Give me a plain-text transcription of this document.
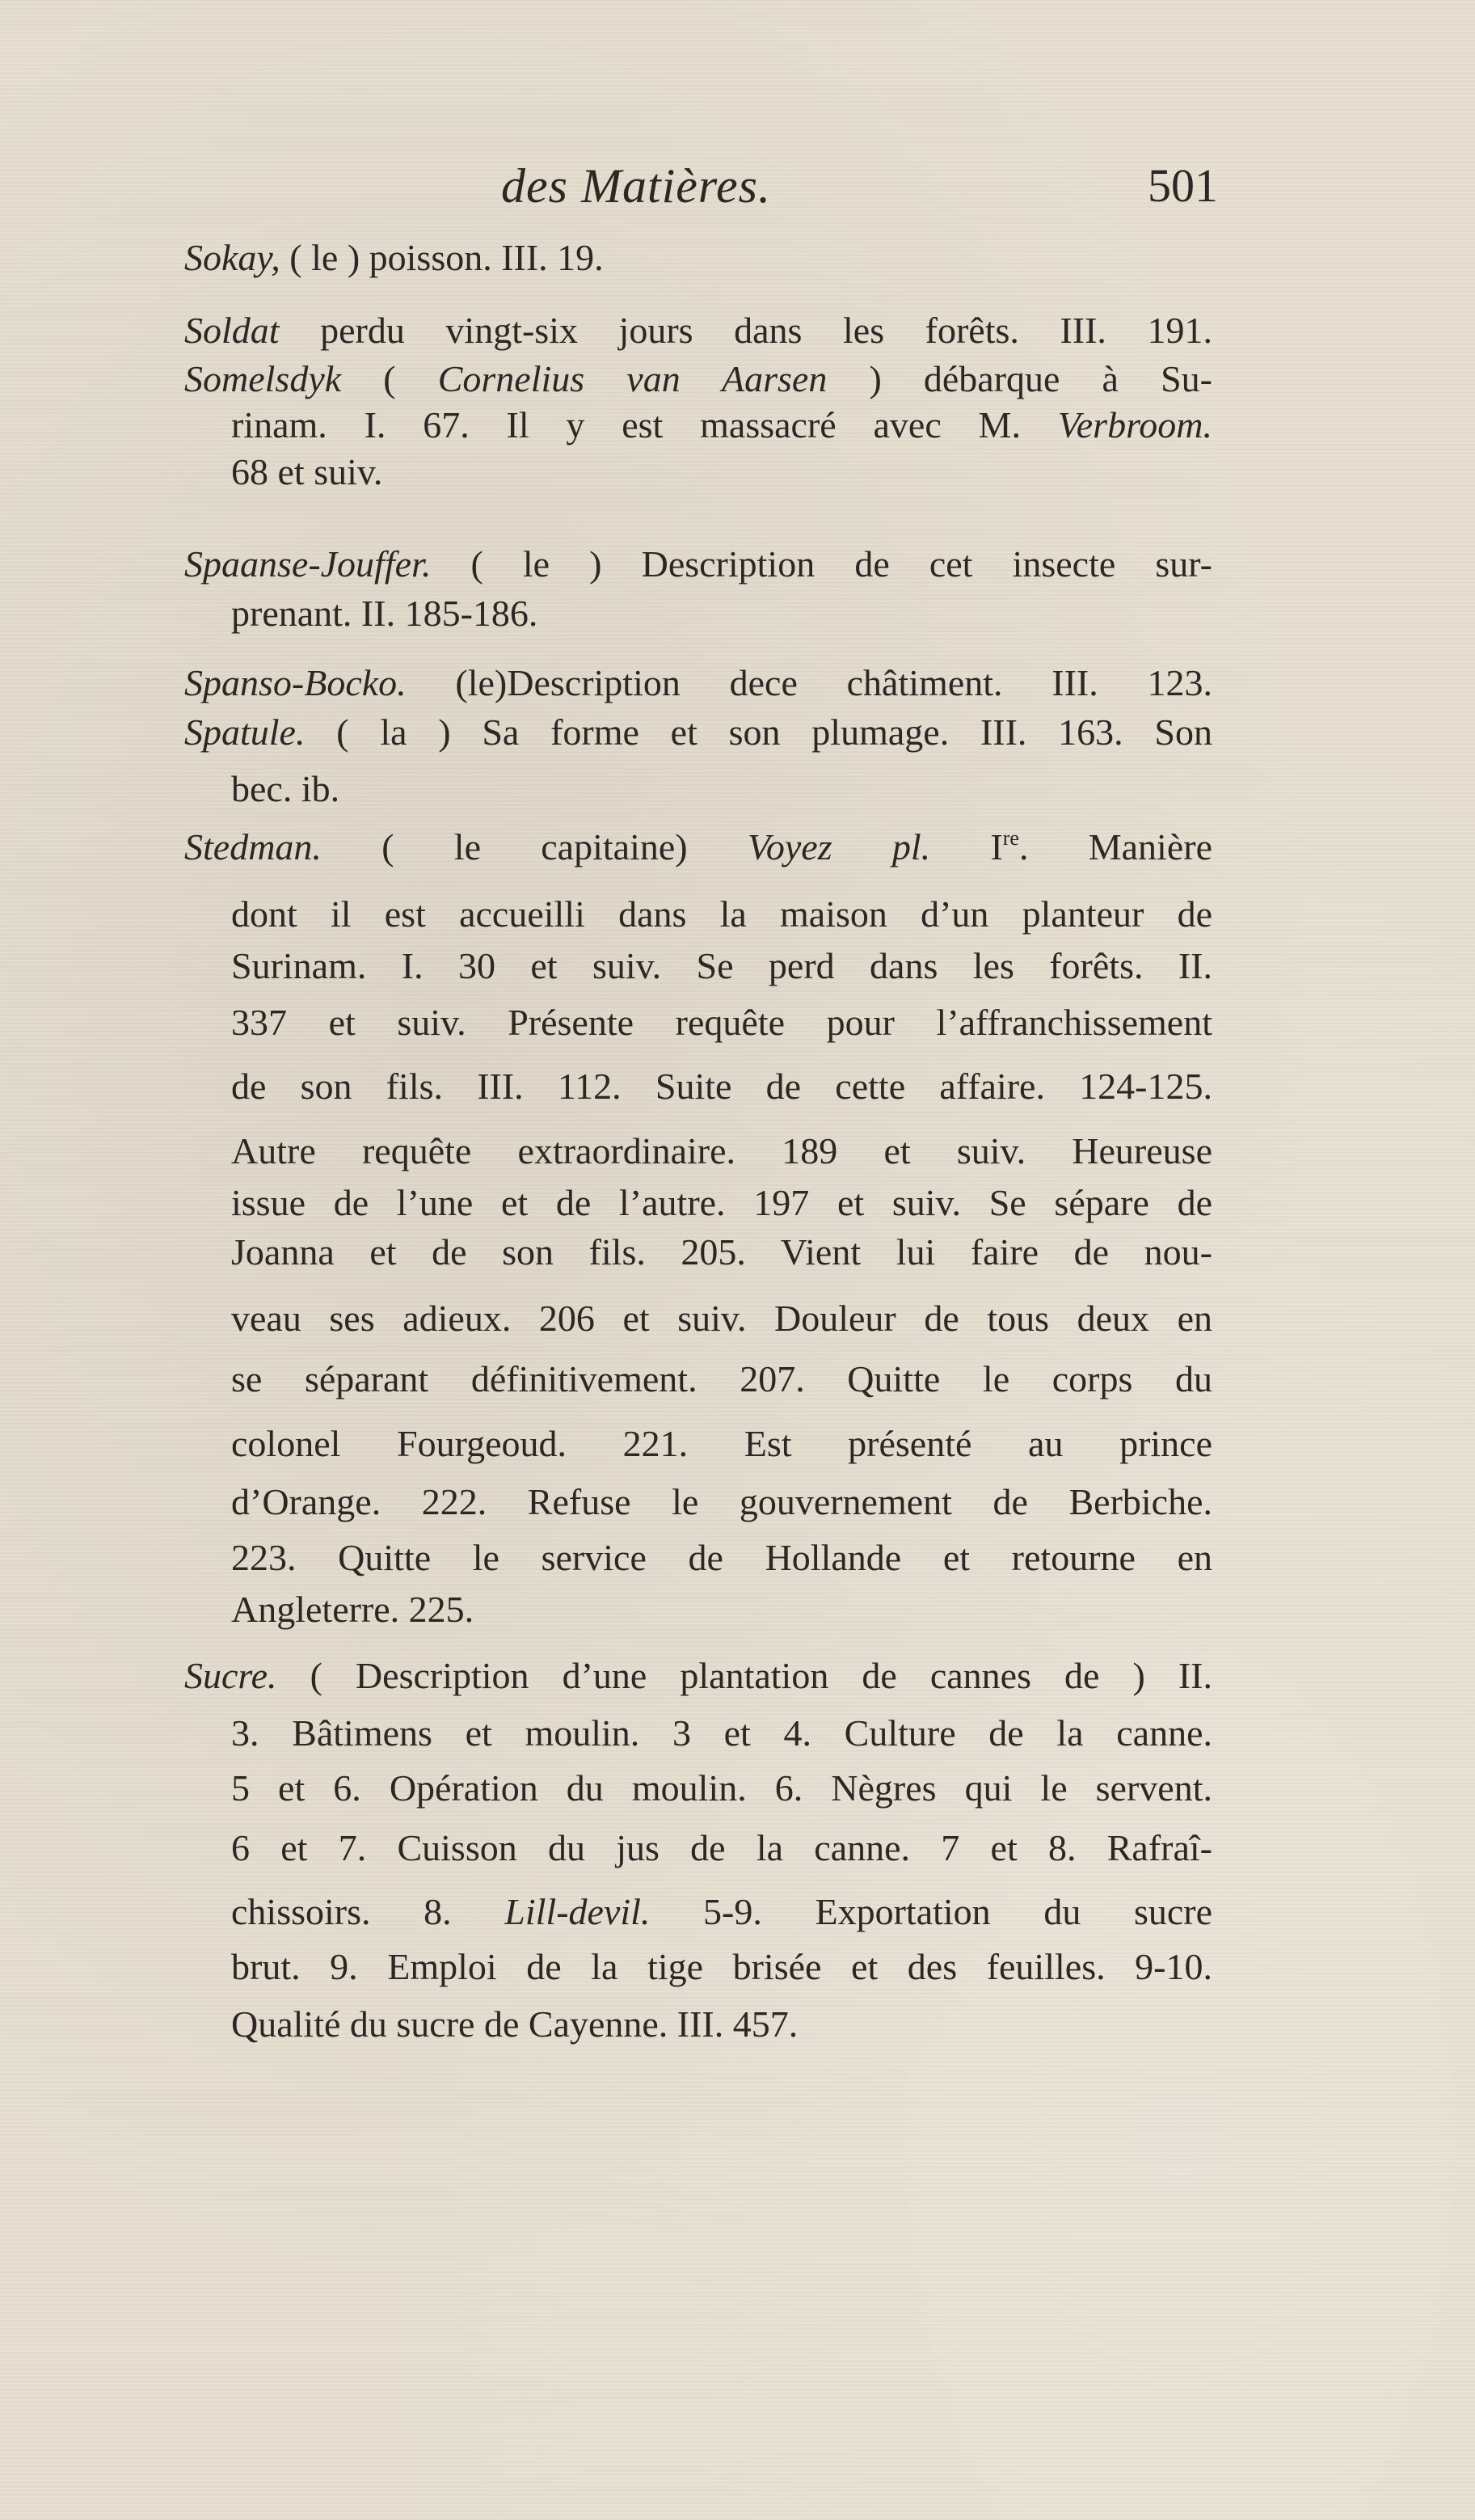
des Matières.	501
Sokay, ( le ) poisson. III. 19.
Soldat perdu vingt-six jours dans les forêts. III. 191.
Somelsdyk ( Cornelius van Aarsen ) débarque à Su-
rinam. I. 67. Il y est massacré avec M. Verbroom.
68 et suiv.
Spaanse-Jouffer. ( le ) Description de cet insecte sur-
prenant. II. 185-186.
Spanso-Bocko. (le)Description dece châtiment. III. 123.
Spatule. ( la ) Sa forme et son plumage. III. 163. Son
bec. ib.
Stedman. ( le capitaine) Voyez pl. Ire. Manière
dont il est accueilli dans la maison d’un planteur de
Surinam. I. 30 et suiv. Se perd dans les forêts. II.
337 et suiv. Présente requête pour l’affranchissement
de son fils. III. 112. Suite de cette affaire. 124-125.
Autre requête extraordinaire. 189 et suiv. Heureuse
issue de l’une et de l’autre. 197 et suiv. Se sépare de
Joanna et de son fils. 205. Vient lui faire de nou-
veau ses adieux. 206 et suiv. Douleur de tous deux en
se séparant définitivement. 207. Quitte le corps du
colonel Fourgeoud. 221. Est présenté au prince
d’Orange. 222. Refuse le gouvernement de Berbiche.
223. Quitte le service de Hollande et retourne en
Angleterre. 225.
Sucre. ( Description d’une plantation de cannes de ) II.
3. Bâtimens et moulin. 3 et 4. Culture de la canne.
5 et 6. Opération du moulin. 6. Nègres qui le servent.
6 et 7. Cuisson du jus de la canne. 7 et 8. Rafraî-
chissoirs. 8. Lill-devil. 5-9. Exportation du sucre
brut. 9. Emploi de la tige brisée et des feuilles. 9-10.
Qualité du sucre de Cayenne. III. 457.
